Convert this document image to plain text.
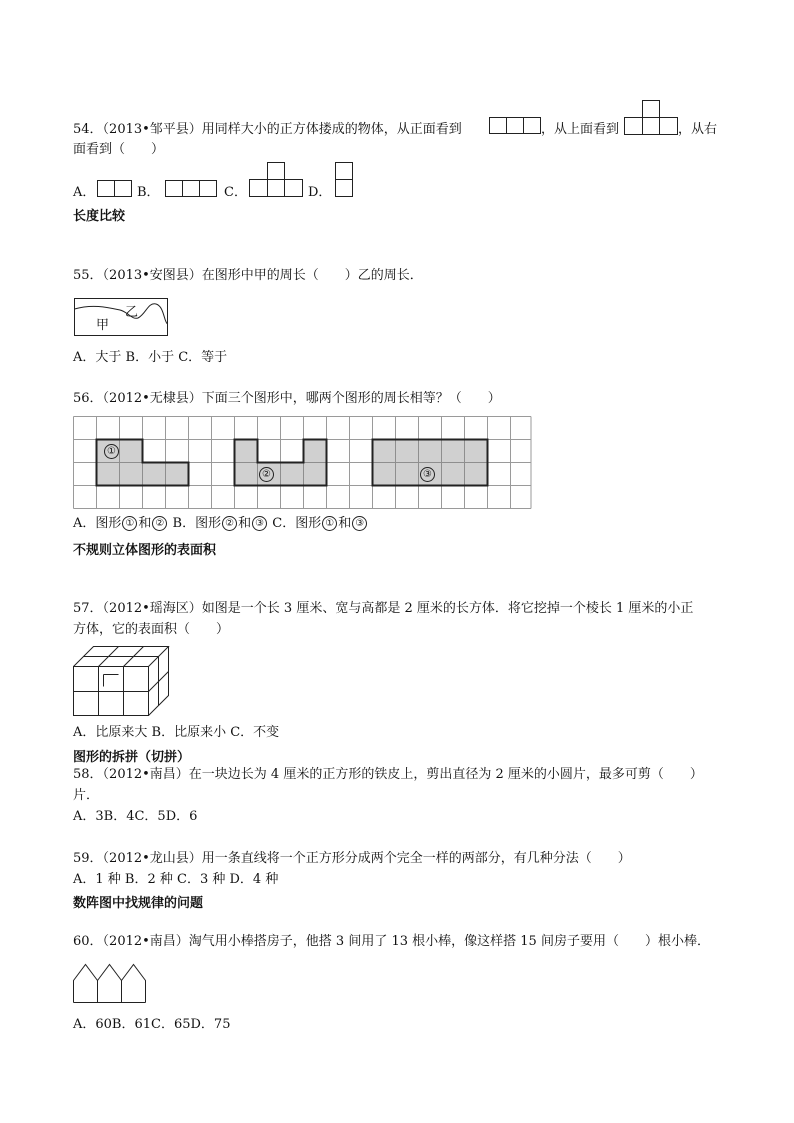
54．（2013•邹平县）用同样大小的正方体搂成的物体，从正面看到	，从上面看到	，从右
面看到（　　）
A．	B．	C．	D．
长度比较
55．（2013•安图县）在图形中甲的周长（　　）乙的周长．
甲
乙
A．大于 B．小于 C．等于
56．（2012•无棣县）下面三个图形中，哪两个图形的周长相等？（　　）
①
②	③
A．图形 ① 和 ② B．图形 ② 和 ③ C．图形 ① 和 ③
不规则立体图形的表面积
57．（2012•瑶海区）如图是一个长 3 厘米、宽与高都是 2 厘米的长方体．将它挖掉一个棱长 1 厘米的小正
方体，它的表面积（　　）
A．比原来大 B．比原来小 C．不变
图形的拆拼（切拼）
58．（2012•南昌）在一块边长为 4 厘米的正方形的铁皮上，剪出直径为 2 厘米的小圆片，最多可剪（　　）
片．
A．3B．4C．5D．6
59．（2012•龙山县）用一条直线将一个正方形分成两个完全一样的两部分，有几种分法（　　）
A．1 种 B．2 种 C．3 种 D．4 种
数阵图中找规律的问题
60．（2012•南昌）淘气用小棒搭房子，他搭 3 间用了 13 根小棒，像这样搭 15 间房子要用（　　）根小棒．
A．60B．61C．65D．75
